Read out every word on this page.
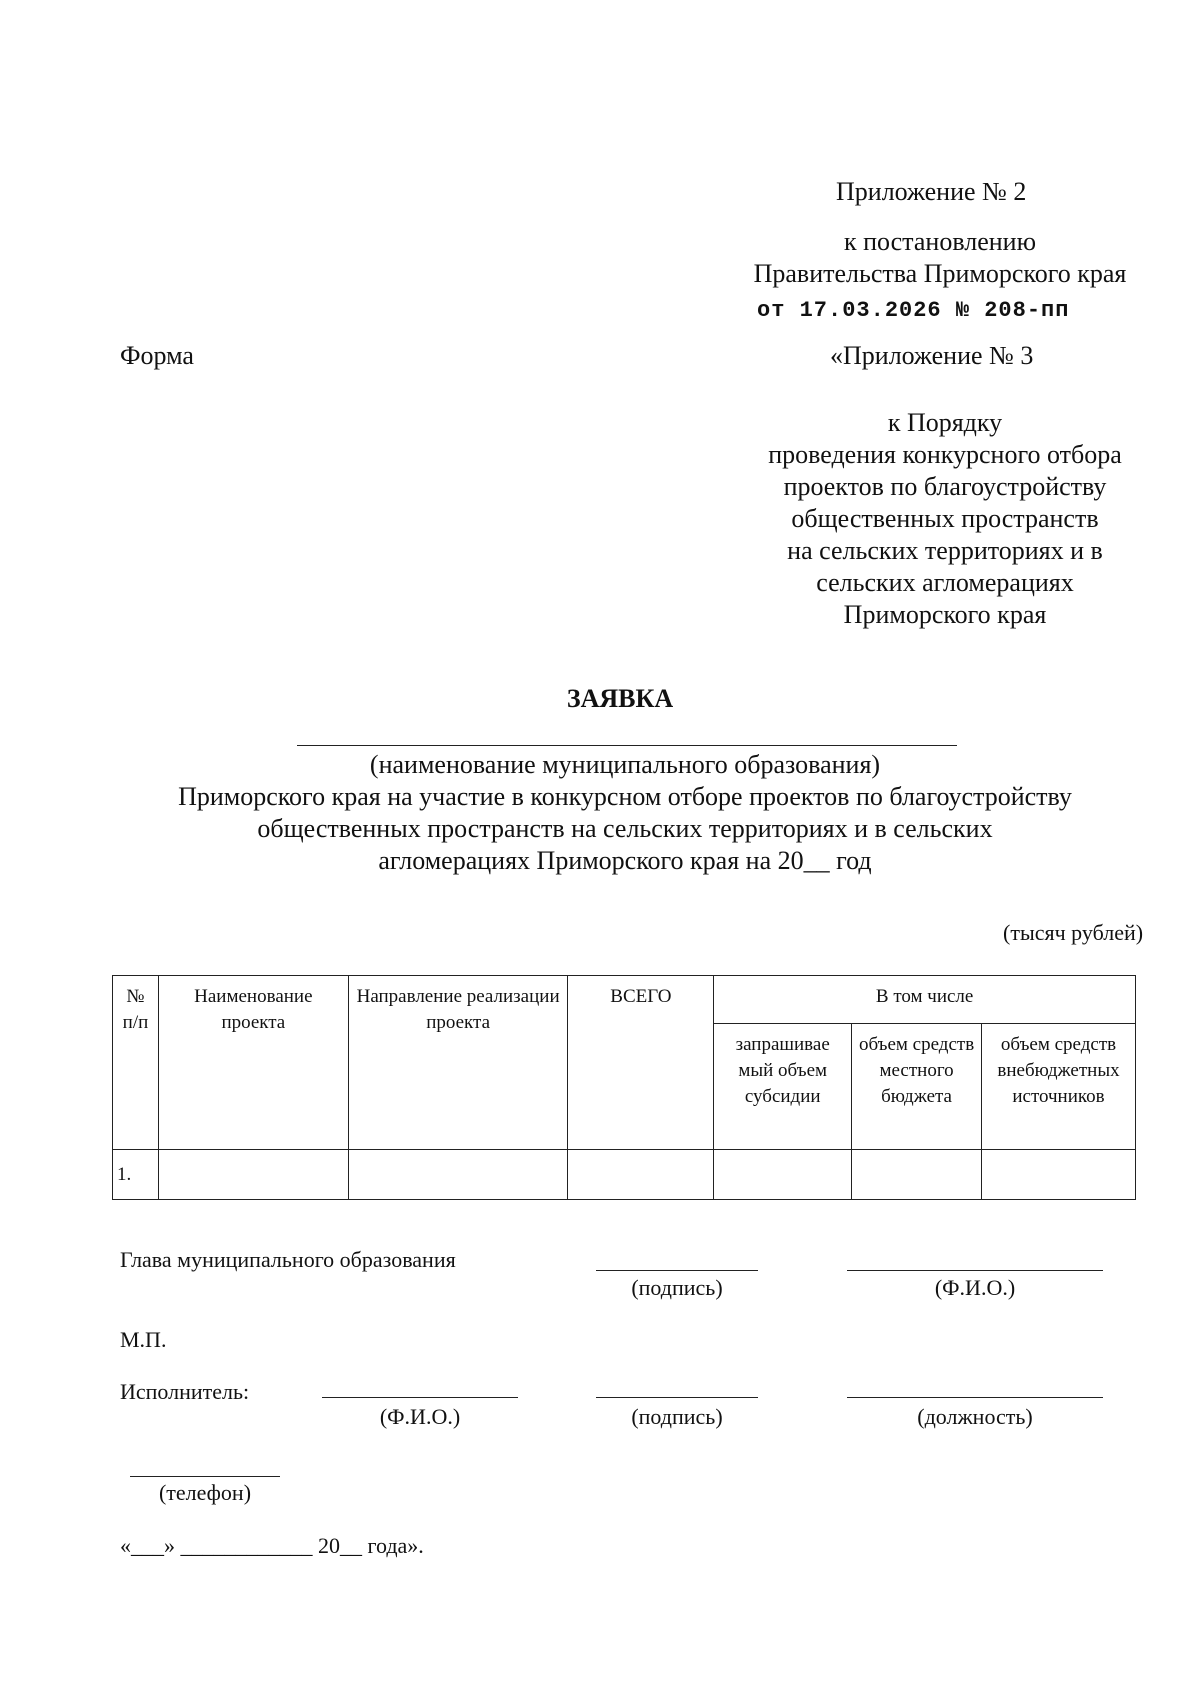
Приложение № 2
к постановлению
Правительства Приморского края
от 17.03.2026 № 208-пп
Форма	«Приложение № 3
к Порядку
проведения конкурсного отбора
проектов по благоустройству
общественных пространств
на сельских территориях и в
сельских агломерациях
Приморского края
ЗАЯВКА
(наименование муниципального образования)
Приморского края на участие в конкурсном отборе проектов по благоустройству
общественных пространств на сельских территориях и в сельских
агломерациях Приморского края на 20__ год
(тысяч рублей)
№ п/п	Наименование проекта	Направление реализации проекта	ВСЕГО	В том числе		
				запрашивае мый объем субсидии	объем средств местного бюджета	объем средств внебюджетных источников
1.						
Глава муниципального образования
(подпись)	(Ф.И.О.)
М.П.
Исполнитель:
(Ф.И.О.)	(подпись)	(должность)
(телефон)
«___» ____________ 20__ года».
